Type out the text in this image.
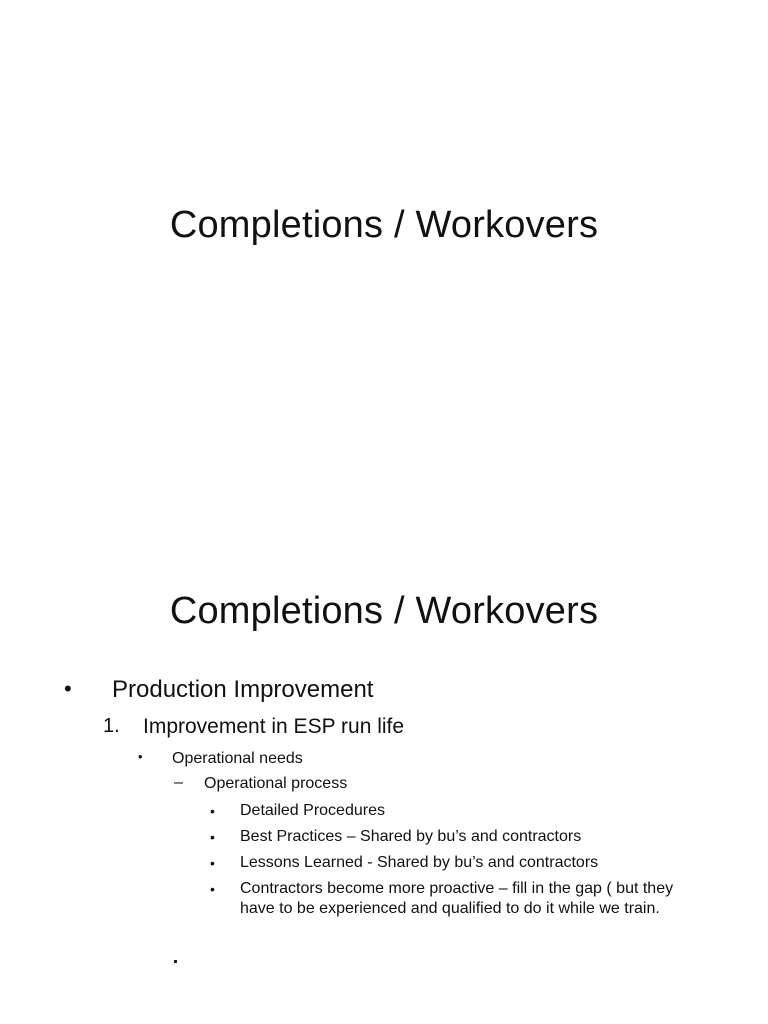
Completions / Workovers
Completions / Workovers
• Production Improvement
1. Improvement in ESP run life
• Operational needs
– Operational process
• Detailed Procedures
• Best Practices – Shared by bu’s and contractors
• Lessons Learned - Shared by bu’s and contractors
• Contractors become more proactive – fill in the gap ( but they have to be experienced and qualified to do it while we train.
